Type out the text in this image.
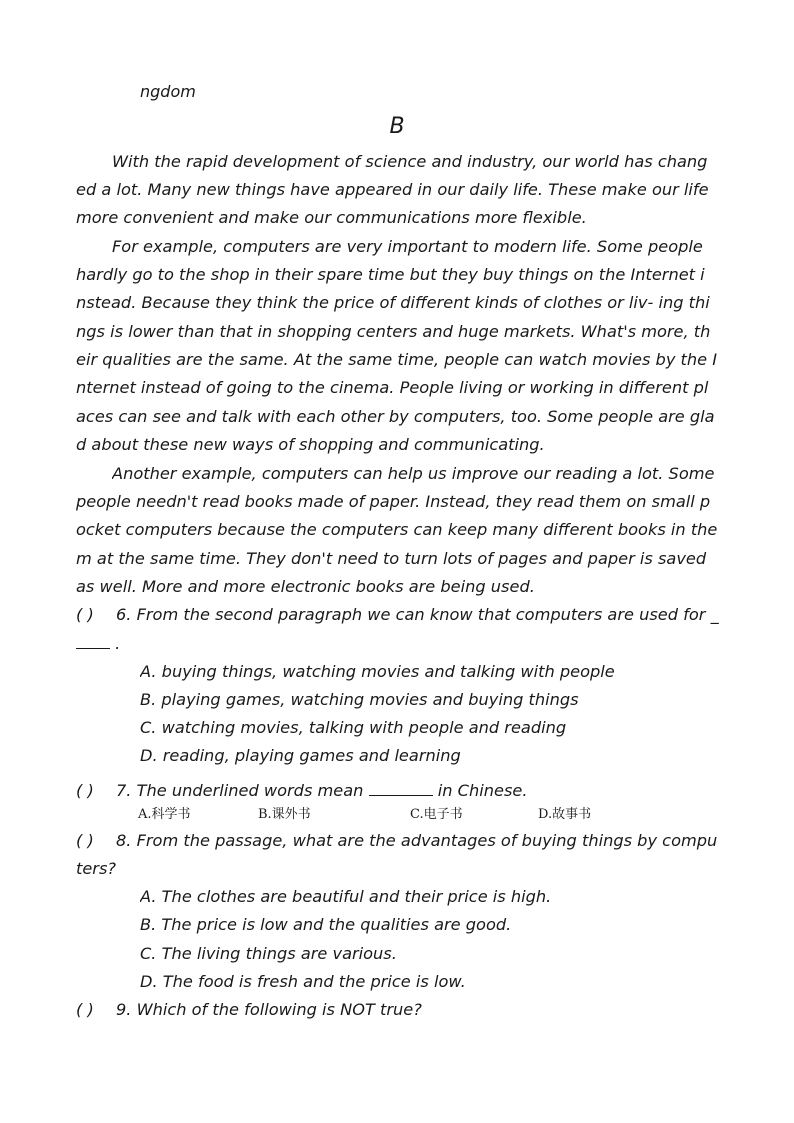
ngdom
B
With the rapid development of science and industry, our world has chang
ed a lot. Many new things have appeared in our daily life. These make our life
more convenient and make our communications more flexible.
For example, computers are very important to modern life. Some people
hardly go to the shop in their spare time but they buy things on the Internet i
nstead. Because they think the price of different kinds of clothes or liv- ing thi
ngs is lower than that in shopping centers and huge markets. What's more, th
eir qualities are the same. At the same time, people can watch movies by the I
nternet instead of going to the cinema. People living or working in different pl
aces can see and talk with each other by computers, too. Some people are gla
d about these new ways of shopping and communicating.
Another example, computers can help us improve our reading a lot. Some
people needn't read books made of paper. Instead, they read them on small p
ocket computers because the computers can keep many different books in the
m at the same time. They don't need to turn lots of pages and paper is saved
as well. More and more electronic books are being used.
( ) 6. From the second paragraph we can know that computers are used for _
.
A. buying things, watching movies and talking with people
B. playing games, watching movies and buying things
C. watching movies, talking with people and reading
D. reading, playing games and learning
( ) 7. The underlined words mean	in Chinese.
A.科学书	B.课外书	C.电子书	D.故事书
( ) 8. From the passage, what are the advantages of buying things by compu
ters?
A. The clothes are beautiful and their price is high.
B. The price is low and the qualities are good.
C. The living things are various.
D. The food is fresh and the price is low.
( ) 9. Which of the following is NOT true?
